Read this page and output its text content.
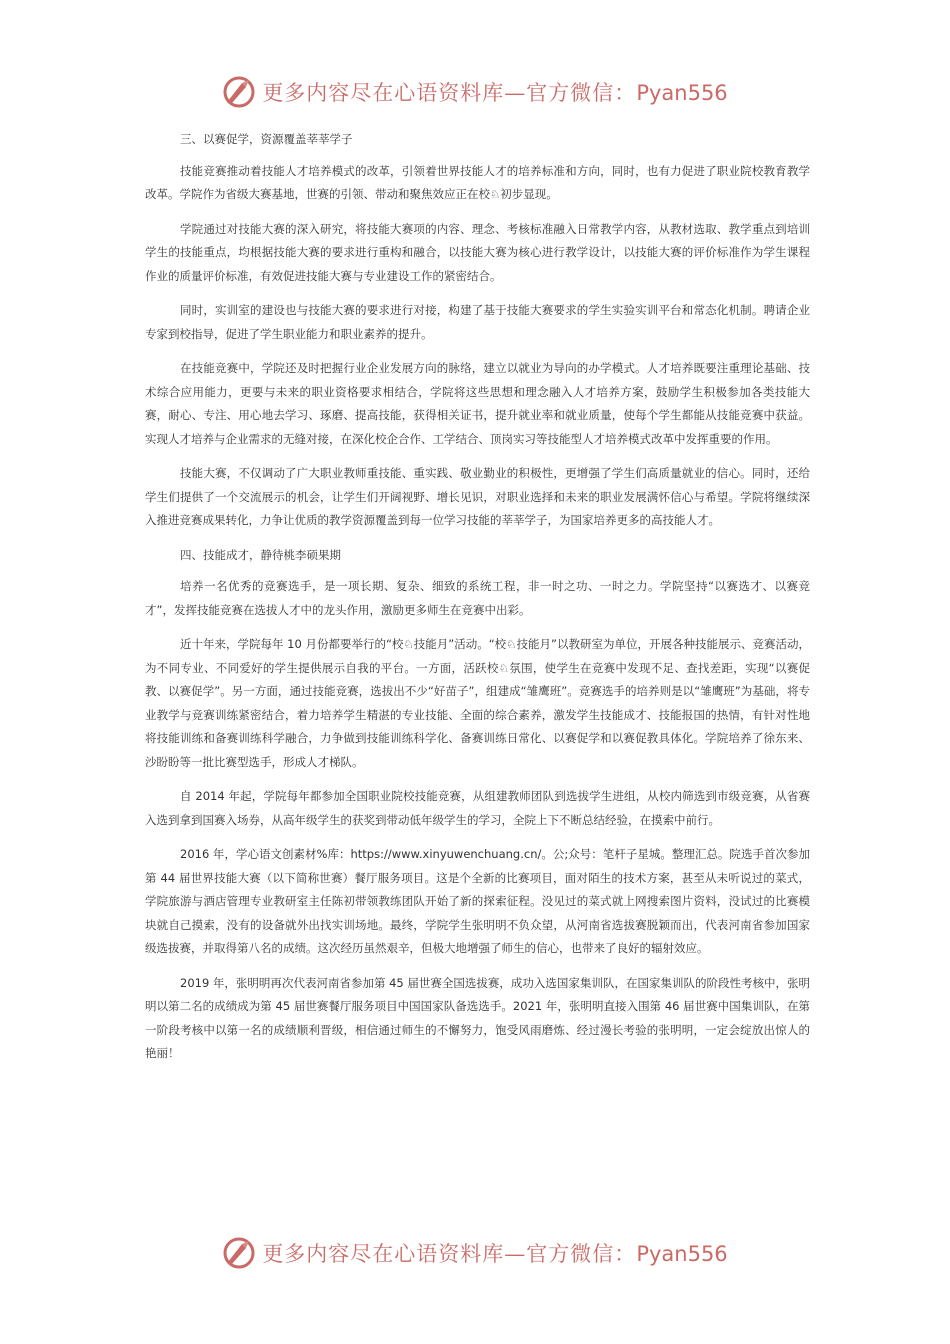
更多内容尽在心语资料库—官方微信：Pyan556

三、以赛促学，资源覆盖莘莘学子

技能竞赛推动着技能人才培养模式的改革，引领着世界技能人才的培养标准和方向，同时，也有力促进了职业院校教育教学改革。学院作为省级大赛基地，世赛的引领、带动和聚焦效应正在校♘初步显现。

学院通过对技能大赛的深入研究，将技能大赛项的内容、理念、考核标准融入日常教学内容，从教材选取、教学重点到培训学生的技能重点，均根据技能大赛的要求进行重构和融合，以技能大赛为核心进行教学设计，以技能大赛的评价标准作为学生课程作业的质量评价标准，有效促进技能大赛与专业建设工作的紧密结合。

同时，实训室的建设也与技能大赛的要求进行对接，构建了基于技能大赛要求的学生实验实训平台和常态化机制。聘请企业专家到校指导，促进了学生职业能力和职业素养的提升。

在技能竞赛中，学院还及时把握行业企业发展方向的脉络，建立以就业为导向的办学模式。人才培养既要注重理论基础、技术综合应用能力，更要与未来的职业资格要求相结合，学院将这些思想和理念融入人才培养方案，鼓励学生积极参加各类技能大赛，耐心、专注、用心地去学习、琢磨、提高技能，获得相关证书，提升就业率和就业质量，使每个学生都能从技能竞赛中获益。实现人才培养与企业需求的无缝对接，在深化校企合作、工学结合、顶岗实习等技能型人才培养模式改革中发挥重要的作用。

技能大赛，不仅调动了广大职业教师重技能、重实践、敬业勤业的积极性，更增强了学生们高质量就业的信心。同时，还给学生们提供了一个交流展示的机会，让学生们开阔视野、增长见识，对职业选择和未来的职业发展满怀信心与希望。学院将继续深入推进竞赛成果转化，力争让优质的教学资源覆盖到每一位学习技能的莘莘学子，为国家培养更多的高技能人才。

四、技能成才，静待桃李硕果期

培养一名优秀的竞赛选手，是一项长期、复杂、细致的系统工程，非一时之功、一时之力。学院坚持“以赛选才、以赛竞才”，发挥技能竞赛在选拔人才中的龙头作用，激励更多师生在竞赛中出彩。

近十年来，学院每年 10 月份都要举行的“校♘技能月”活动。“校♘技能月”以教研室为单位，开展各种技能展示、竞赛活动，为不同专业、不同爱好的学生提供展示自我的平台。一方面，活跃校♘氛围，使学生在竞赛中发现不足、查找差距，实现“以赛促教、以赛促学”。另一方面，通过技能竞赛，选拔出不少“好苗子”，组建成“雏鹰班”。竞赛选手的培养则是以“雏鹰班”为基础，将专业教学与竞赛训练紧密结合，着力培养学生精湛的专业技能、全面的综合素养，激发学生技能成才、技能报国的热情，有针对性地将技能训练和备赛训练科学融合，力争做到技能训练科学化、备赛训练日常化、以赛促学和以赛促教具体化。学院培养了徐东来、沙盼盼等一批比赛型选手，形成人才梯队。

自 2014 年起，学院每年都参加全国职业院校技能竞赛，从组建教师团队到选拔学生进组，从校内筛选到市级竞赛，从省赛入选到拿到国赛入场券，从高年级学生的获奖到带动低年级学生的学习，全院上下不断总结经验，在摸索中前行。

2016 年，学心语文创素材%库：https://www.xinyuwenchuang.cn/。公;众号：笔杆子星城。整理汇总。院选手首次参加第 44 届世界技能大赛（以下简称世赛）餐厅服务项目。这是个全新的比赛项目，面对陌生的技术方案，甚至从未听说过的菜式，学院旅游与酒店管理专业教研室主任陈初带领教练团队开始了新的探索征程。没见过的菜式就上网搜索图片资料，没试过的比赛模块就自己摸索，没有的设备就外出找实训场地。最终，学院学生张明明不负众望，从河南省选拔赛脱颖而出，代表河南省参加国家级选拔赛，并取得第八名的成绩。这次经历虽然艰辛，但极大地增强了师生的信心，也带来了良好的辐射效应。

2019 年，张明明再次代表河南省参加第 45 届世赛全国选拔赛，成功入选国家集训队，在国家集训队的阶段性考核中，张明明以第二名的成绩成为第 45 届世赛餐厅服务项目中国国家队备选选手。2021 年，张明明直接入围第 46 届世赛中国集训队，在第一阶段考核中以第一名的成绩顺利晋级，相信通过师生的不懈努力，饱受风雨磨炼、经过漫长考验的张明明，一定会绽放出惊人的艳丽！

更多内容尽在心语资料库—官方微信：Pyan556
